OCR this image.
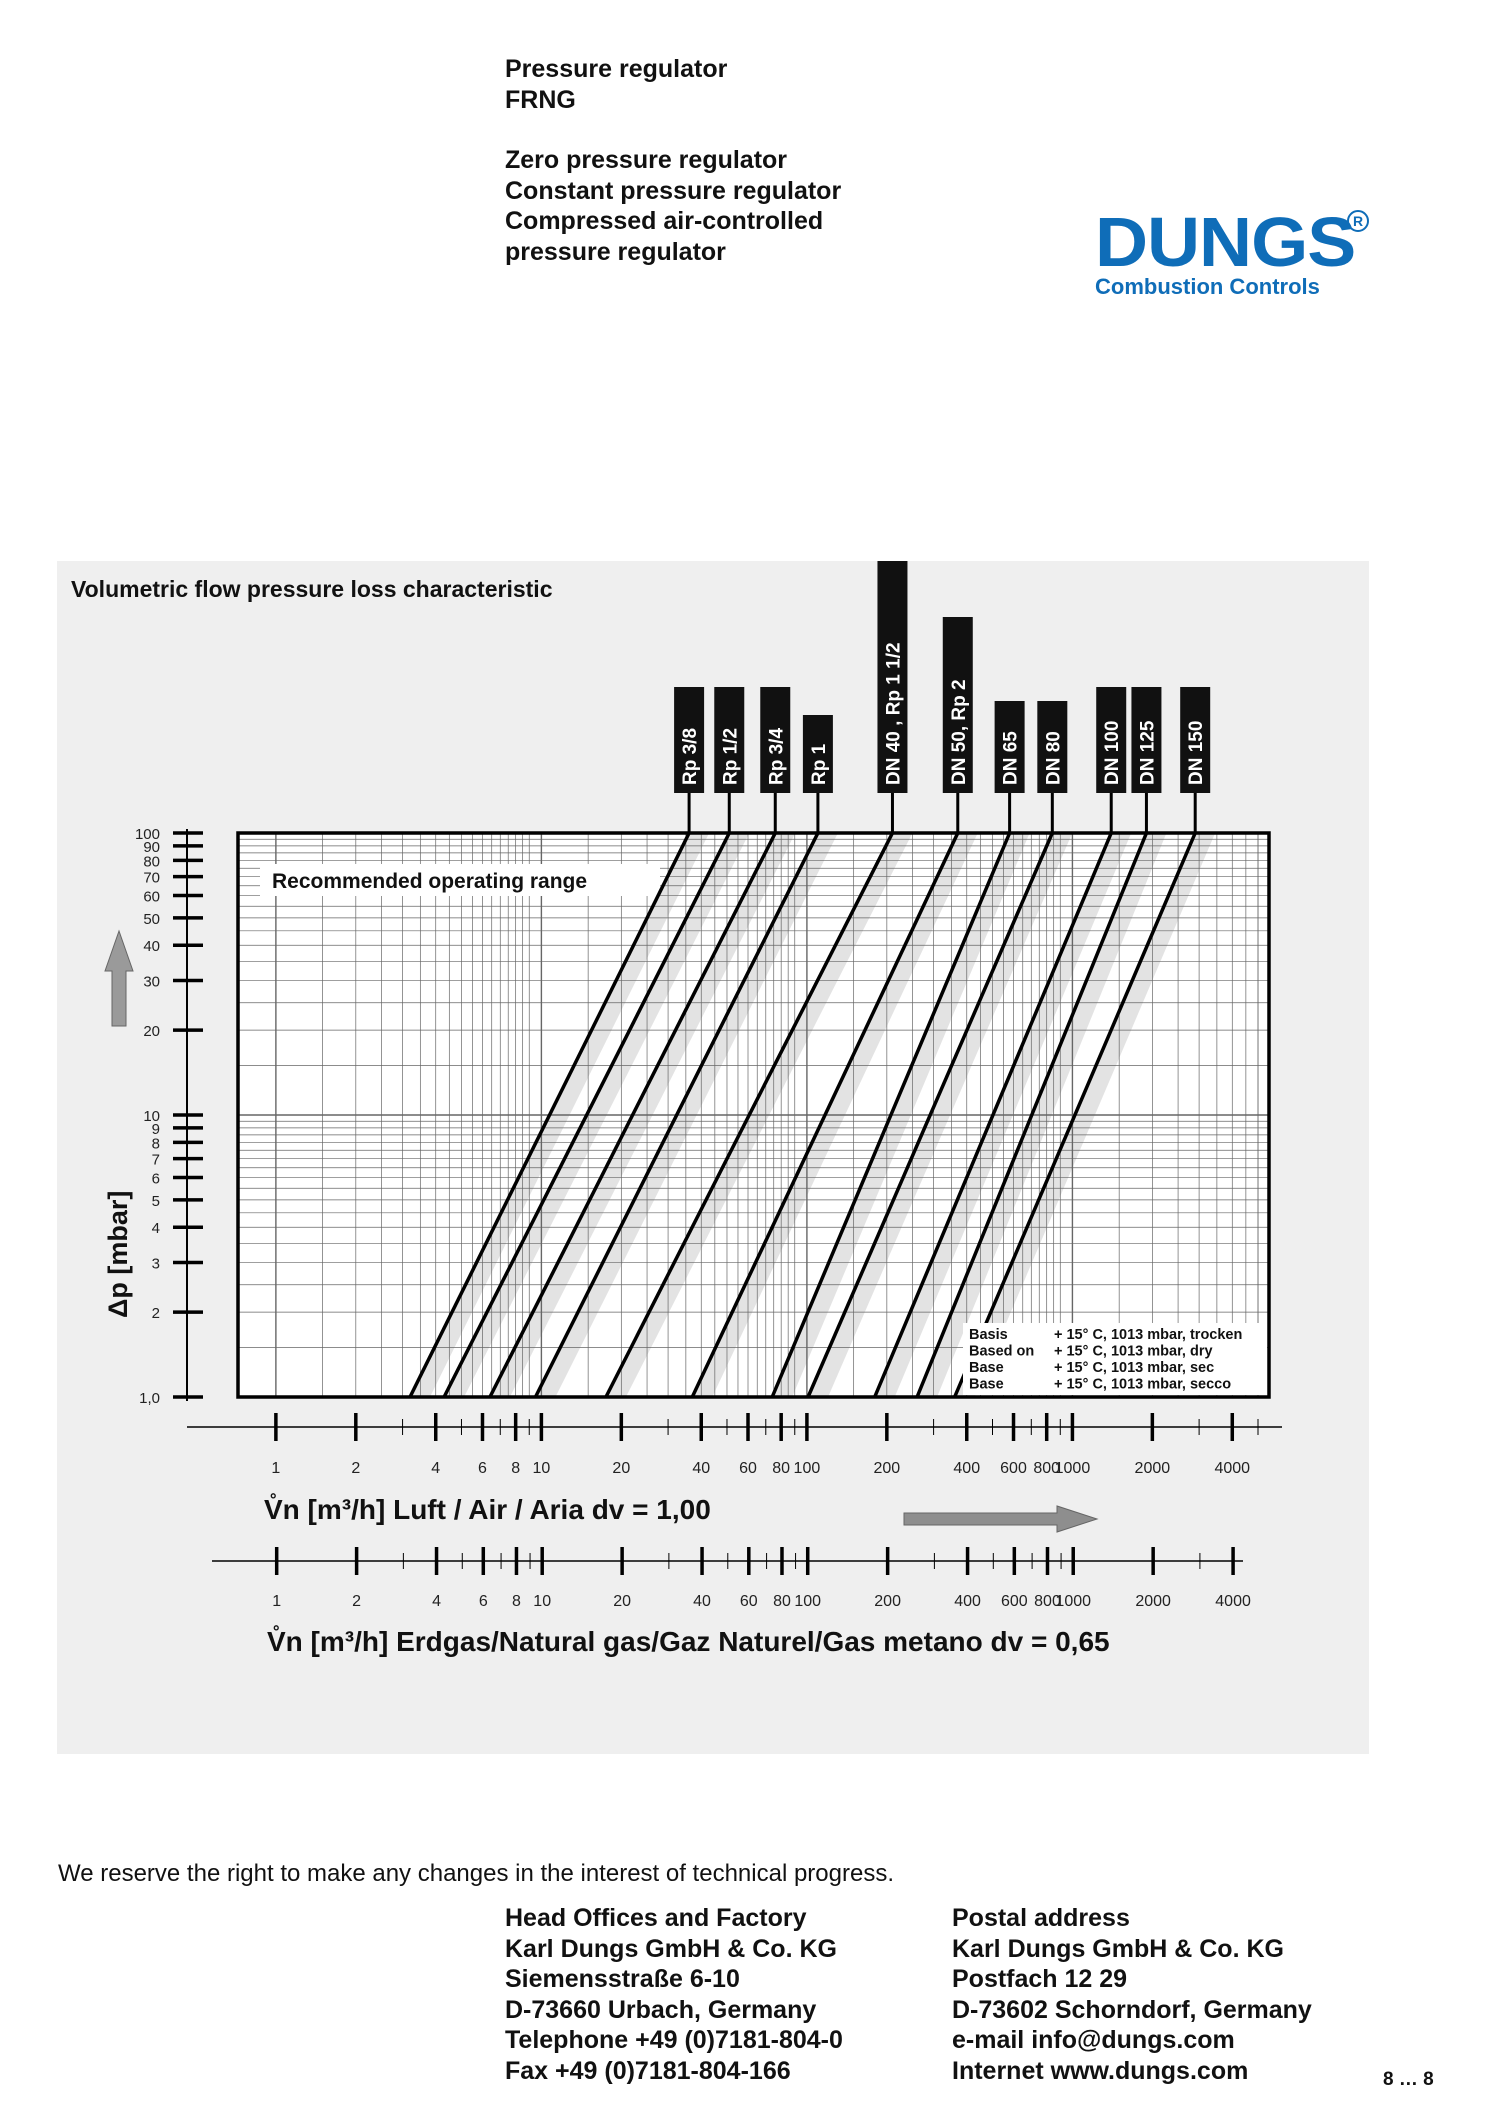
Pressure regulator
FRNG
Zero pressure regulator
Constant pressure regulator
Compressed air-controlled
pressure regulator	DUNGS
R
Combustion Controls
Volumetric flow pressure loss characteristic
Recommended operating range
Rp 3/8 Rp 1/2 Rp 3/4 Rp 1	DN 40 , Rp 1 1/2 DN 50, Rp 2 DN 65 DN 80 DN 100 DN 125 DN 150
Basis	+ 15° C, 1013 mbar, trocken
Based on + 15° C, 1013 mbar, dry
Base	+ 15° C, 1013 mbar, sec
Base	+ 15° C, 1013 mbar, secco
100
90
80
70
60
50
40
30
20
10
9
8
7
6
5
4
3
2
1,0
Δp [mbar]
1	2	4 6 8 10	20	40 60 80 100	200	400 600 800
1000	2000	4000
V̊n [m³/h] Luft / Air / Aria dv = 1,00
1	2	4 6 8 10	20	40 60 80 100	200	400 600 800
1000	2000	4000
V̊n [m³/h] Erdgas/Natural gas/Gaz Naturel/Gas metano dv = 0,65
We reserve the right to make any changes in the interest of technical progress.
Head Offices and Factory
Karl Dungs GmbH & Co. KG
Siemensstraße 6-10
D-73660 Urbach, Germany
Telephone +49 (0)7181-804-0
Fax +49 (0)7181-804-166
Postal address
Karl Dungs GmbH & Co. KG
Postfach 12 29
D-73602 Schorndorf, Germany
e-mail info@dungs.com
Internet www.dungs.com	8 … 8
